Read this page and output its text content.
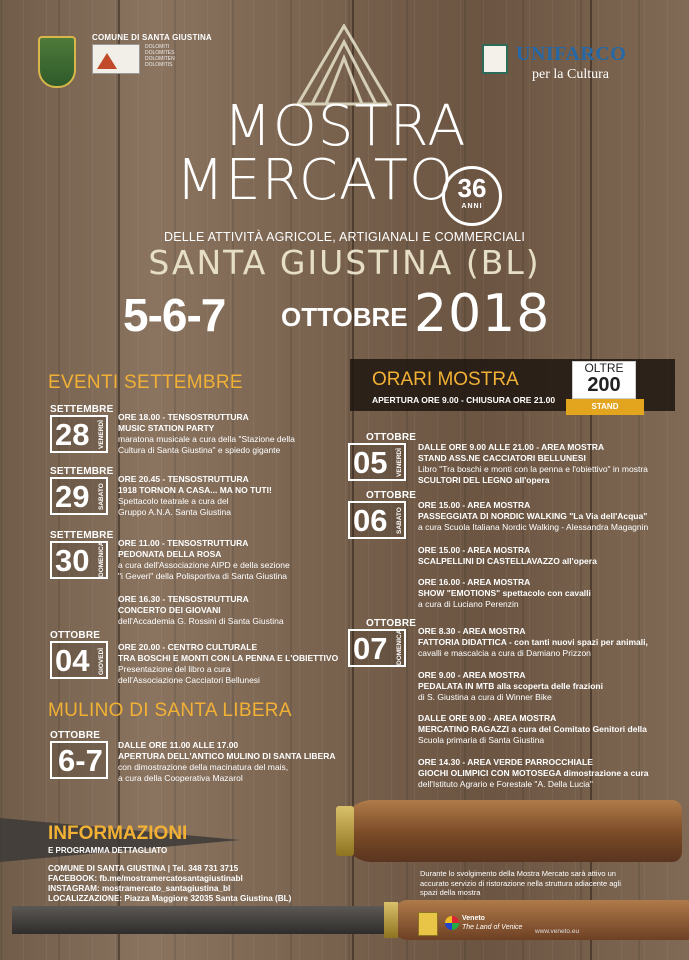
COMUNE DI SANTA GIUSTINA
DOLOMITI
DOLOMITES
DOLOMITEN
DOLOMITIS	UNIFARCO
per la Cultura
MOSTRA
MERCATO 36
ANNI
DELLE ATTIVITÀ AGRICOLE, ARTIGIANALI E COMMERCIALI
SANTA GIUSTINA (BL)
5-6-7 OTTOBRE 2018
EVENTI SETTEMBRE
SETTEMBRE
28 VENERDÌ
SETTEMBRE
29 SABATO
SETTEMBRE
30 DOMENICA
OTTOBRE
04 GIOVEDÌ
ORE 18.00 - TENSOSTRUTTURA
MUSIC STATION PARTY
maratona musicale a cura della "Stazione della
Cultura di Santa Giustina" e spiedo gigante
ORE 20.45 - TENSOSTRUTTURA
1918 TORNON A CASA... MA NO TUTI!
Spettacolo teatrale a cura del
Gruppo A.N.A. Santa Giustina
ORE 11.00 - TENSOSTRUTTURA
PEDONATA DELLA ROSA
a cura dell'Associazione AIPD e della sezione
"i Geveri" della Polisportiva di Santa Giustina
ORE 16.30 - TENSOSTRUTTURA
CONCERTO DEI GIOVANI
dell'Accademia G. Rossini di Santa Giustina
ORE 20.00 - CENTRO CULTURALE
TRA BOSCHI E MONTI CON LA PENNA E L'OBIETTIVO
Presentazione del libro a cura
dell'Associazione Cacciatori Bellunesi
MULINO DI SANTA LIBERA
OTTOBRE
6-7 DALLE ORE 11.00 ALLE 17.00
APERTURA DELL'ANTICO MULINO DI SANTA LIBERA
con dimostrazione della macinatura del mais,
a cura della Cooperativa Mazarol
ORARI MOSTRA
APERTURA ORE 9.00 - CHIUSURA ORE 21.00
OLTRE
200
STAND
OTTOBRE
05 VENERDÌ
OTTOBRE
06 SABATO
OTTOBRE
07 DOMENICA
DALLE ORE 9.00 ALLE 21.00 - AREA MOSTRA
STAND ASS.NE CACCIATORI BELLUNESI
Libro "Tra boschi e monti con la penna e l'obiettivo" in mostra
SCULTORI DEL LEGNO all'opera
ORE 15.00 - AREA MOSTRA
PASSEGGIATA DI NORDIC WALKING "La Via dell'Acqua"
a cura Scuola Italiana Nordic Walking - Alessandra Magagnin
ORE 15.00 - AREA MOSTRA
SCALPELLINI DI CASTELLAVAZZO all'opera
ORE 16.00 - AREA MOSTRA
SHOW "EMOTIONS" spettacolo con cavalli
a cura di Luciano Perenzin
ORE 8.30 - AREA MOSTRA
FATTORIA DIDATTICA - con tanti nuovi spazi per animali,
cavalli e mascalcia a cura di Damiano Prizzon
ORE 9.00 - AREA MOSTRA
PEDALATA IN MTB alla scoperta delle frazioni
di S. Giustina a cura di Winner Bike
DALLE ORE 9.00 - AREA MOSTRA
MERCATINO RAGAZZI a cura del Comitato Genitori della
Scuola primaria di Santa Giustina
ORE 14.30 - AREA VERDE PARROCCHIALE
GIOCHI OLIMPICI CON MOTOSEGA dimostrazione a cura
dell'Istituto Agrario e Forestale "A. Della Lucia"
INFORMAZIONI
E PROGRAMMA DETTAGLIATO
COMUNE DI SANTA GIUSTINA | Tel. 348 731 3715
FACEBOOK: fb.me/mostramercatosantagiustinabl
INSTAGRAM: mostramercato_santagiustina_bl
LOCALIZZAZIONE: Piazza Maggiore 32035 Santa Giustina (BL)
Durante lo svolgimento della Mostra Mercato sarà attivo un accurato servizio di ristorazione nella struttura adiacente agli spazi della mostra
Veneto
The Land of Venice
www.veneto.eu
